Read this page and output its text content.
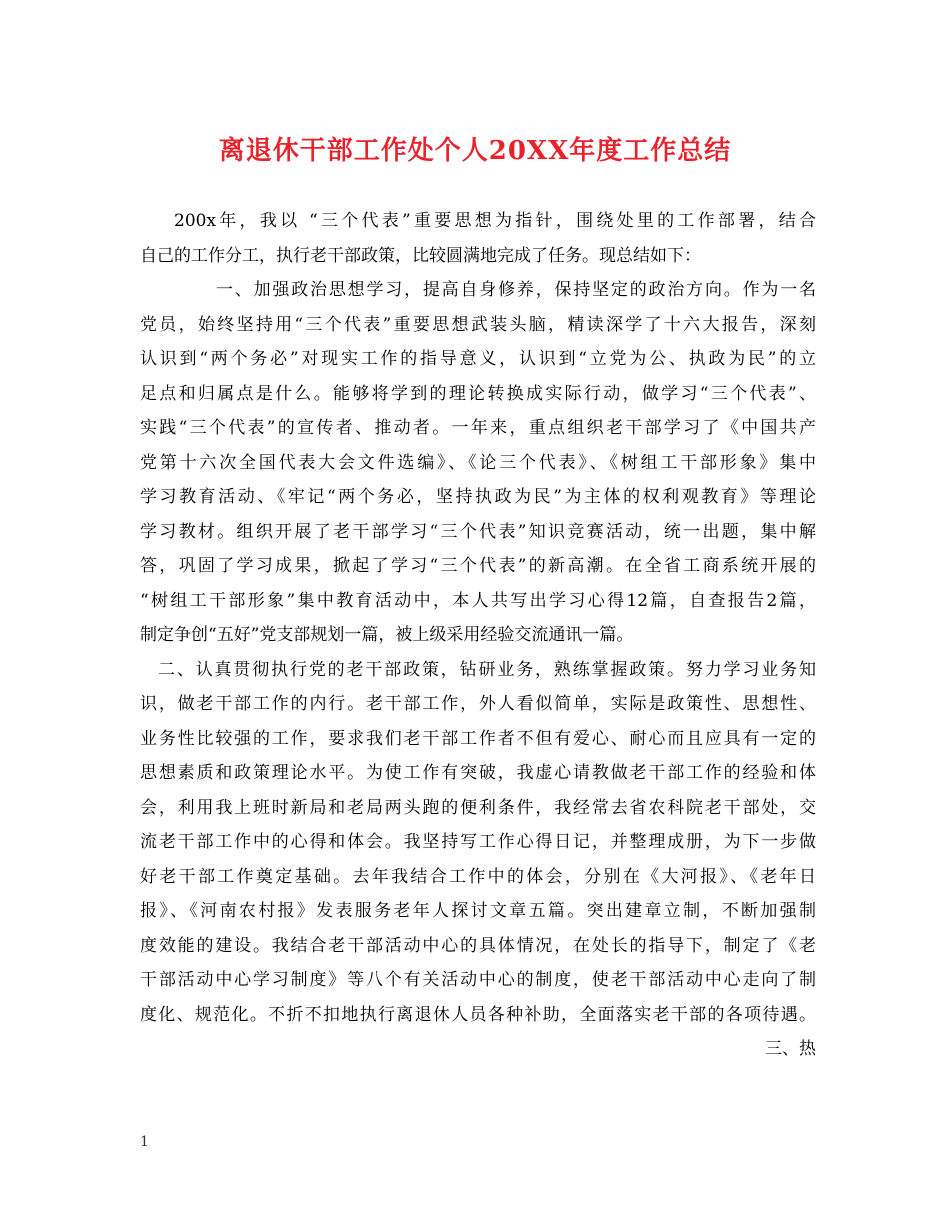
离退休干部工作处个人20XX年度工作总结
200x年，我以 “三个代表”重要思想为指针，围绕处里的工作部署，结合
自己的工作分工，执行老干部政策，比较圆满地完成了任务。现总结如下：
一、加强政治思想学习，提高自身修养，保持坚定的政治方向。作为一名
党员，始终坚持用“三个代表”重要思想武装头脑，精读深学了十六大报告，深刻
认识到“两个务必”对现实工作的指导意义，认识到“立党为公、执政为民”的立
足点和归属点是什么。能够将学到的理论转换成实际行动，做学习“三个代表”、
实践“三个代表”的宣传者、推动者。一年来，重点组织老干部学习了《中国共产
党第十六次全国代表大会文件选编》、《论三个代表》、《树组工干部形象》集中
学习教育活动、《牢记“两个务必，坚持执政为民”为主体的权利观教育》等理论
学习教材。组织开展了老干部学习“三个代表”知识竞赛活动，统一出题，集中解
答，巩固了学习成果，掀起了学习“三个代表”的新高潮。在全省工商系统开展的
“树组工干部形象”集中教育活动中，本人共写出学习心得12篇，自查报告2篇，
制定争创“五好”党支部规划一篇，被上级采用经验交流通讯一篇。
二、认真贯彻执行党的老干部政策，钻研业务，熟练掌握政策。努力学习业务知
识，做老干部工作的内行。老干部工作，外人看似简单，实际是政策性、思想性、
业务性比较强的工作，要求我们老干部工作者不但有爱心、耐心而且应具有一定的
思想素质和政策理论水平。为使工作有突破，我虚心请教做老干部工作的经验和体
会，利用我上班时新局和老局两头跑的便利条件，我经常去省农科院老干部处，交
流老干部工作中的心得和体会。我坚持写工作心得日记，并整理成册，为下一步做
好老干部工作奠定基础。去年我结合工作中的体会，分别在《大河报》、《老年日
报》、《河南农村报》发表服务老年人探讨文章五篇。突出建章立制，不断加强制
度效能的建设。我结合老干部活动中心的具体情况，在处长的指导下，制定了《老
干部活动中心学习制度》等八个有关活动中心的制度，使老干部活动中心走向了制
度化、规范化。不折不扣地执行离退休人员各种补助，全面落实老干部的各项待遇。
三、热
1
